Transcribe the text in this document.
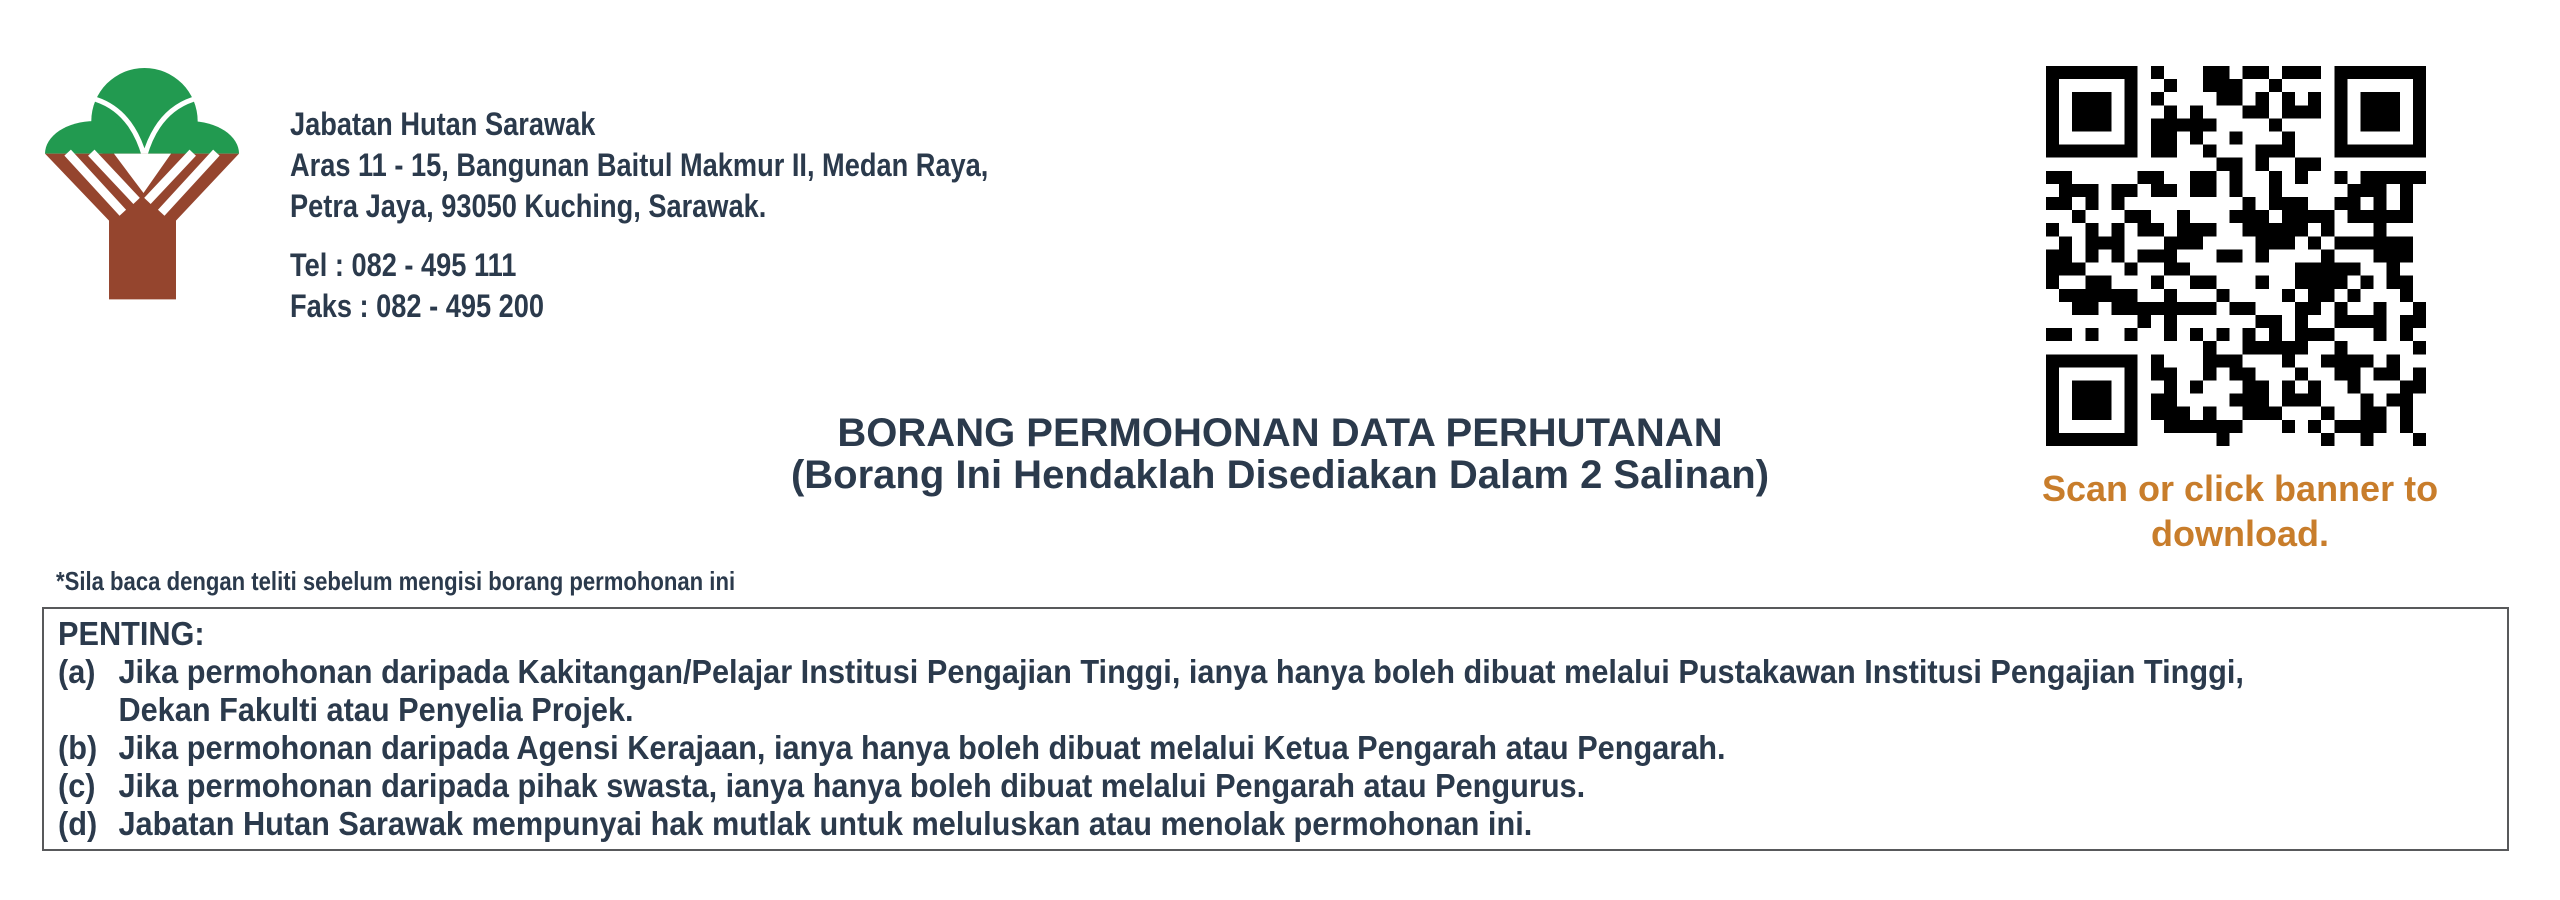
Jabatan Hutan Sarawak
Aras 11 - 15, Bangunan Baitul Makmur II, Medan Raya,
Petra Jaya, 93050 Kuching, Sarawak.
Tel : 082 - 495 111
Faks : 082 - 495 200
BORANG PERMOHONAN DATA PERHUTANAN
(Borang Ini Hendaklah Disediakan Dalam 2 Salinan)	Scan or click banner to
download.
*Sila baca dengan teliti sebelum mengisi borang permohonan ini
PENTING:
(a) Jika permohonan daripada Kakitangan/Pelajar Institusi Pengajian Tinggi, ianya hanya boleh dibuat melalui Pustakawan Institusi Pengajian Tinggi,
Dekan Fakulti atau Penyelia Projek.
(b) Jika permohonan daripada Agensi Kerajaan, ianya hanya boleh dibuat melalui Ketua Pengarah atau Pengarah.
(c) Jika permohonan daripada pihak swasta, ianya hanya boleh dibuat melalui Pengarah atau Pengurus.
(d) Jabatan Hutan Sarawak mempunyai hak mutlak untuk meluluskan atau menolak permohonan ini.
